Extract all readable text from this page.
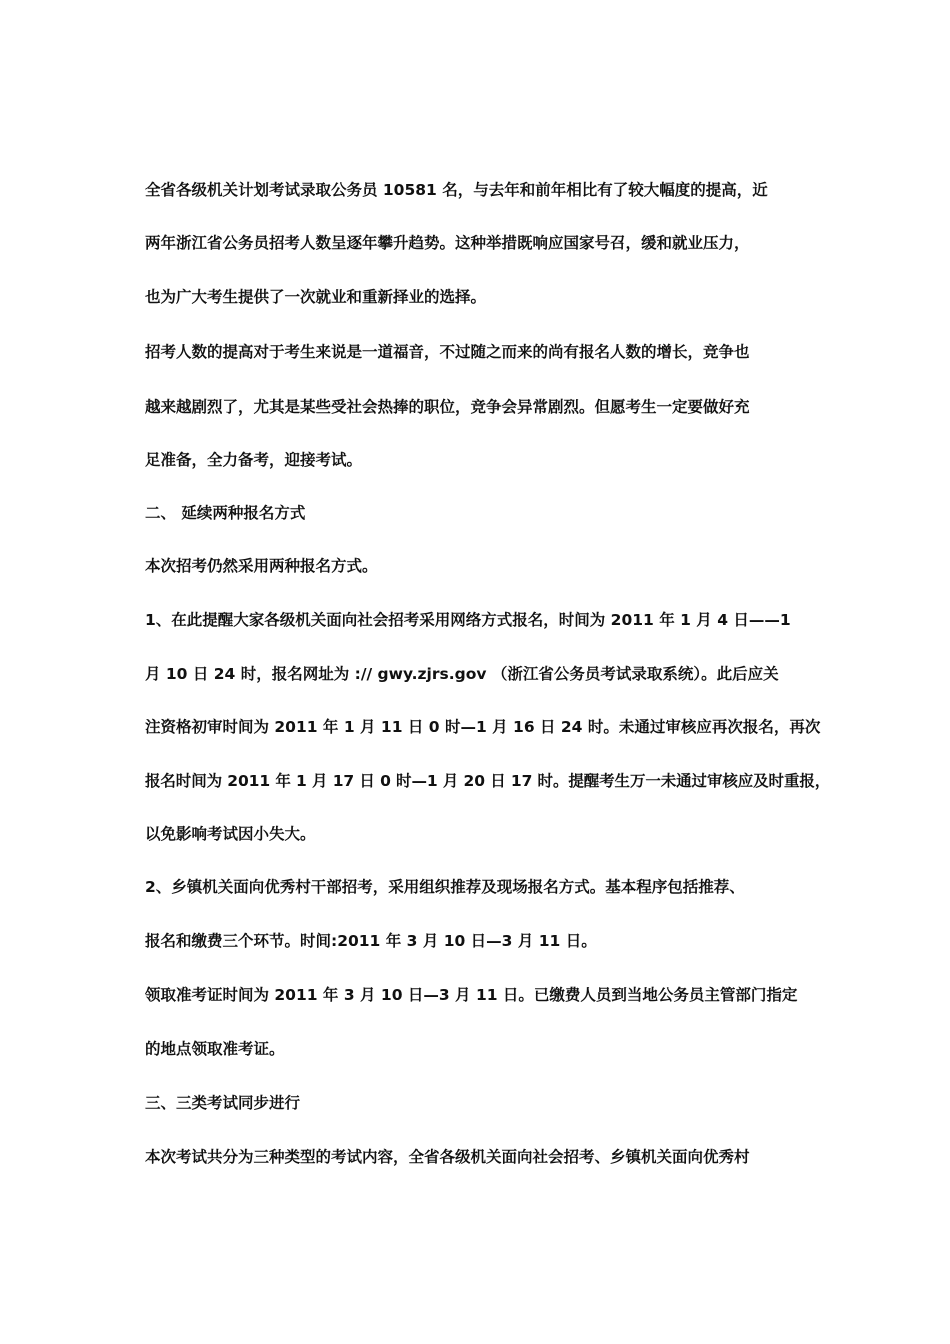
全省各级机关计划考试录取公务员 10581 名，与去年和前年相比有了较大幅度的提高，近
两年浙江省公务员招考人数呈逐年攀升趋势。这种举措既响应国家号召，缓和就业压力，
也为广大考生提供了一次就业和重新择业的选择。
招考人数的提高对于考生来说是一道福音，不过随之而来的尚有报名人数的增长，竞争也
越来越剧烈了，尤其是某些受社会热捧的职位，竞争会异常剧烈。但愿考生一定要做好充
足准备，全力备考，迎接考试。
二、 延续两种报名方式
本次招考仍然采用两种报名方式。
1、在此提醒大家各级机关面向社会招考采用网络方式报名，时间为 2011 年 1 月 4 日——1
月 10 日 24 时，报名网址为 :// gwy.zjrs.gov （浙江省公务员考试录取系统）。此后应关
注资格初审时间为 2011 年 1 月 11 日 0 时—1 月 16 日 24 时。未通过审核应再次报名，再次
报名时间为 2011 年 1 月 17 日 0 时—1 月 20 日 17 时。提醒考生万一未通过审核应及时重报，
以免影响考试因小失大。
2、乡镇机关面向优秀村干部招考，采用组织推荐及现场报名方式。基本程序包括推荐、
报名和缴费三个环节。时间:2011 年 3 月 10 日—3 月 11 日。
领取准考证时间为 2011 年 3 月 10 日—3 月 11 日。已缴费人员到当地公务员主管部门指定
的地点领取准考证。
三、三类考试同步进行
本次考试共分为三种类型的考试内容，全省各级机关面向社会招考、乡镇机关面向优秀村
